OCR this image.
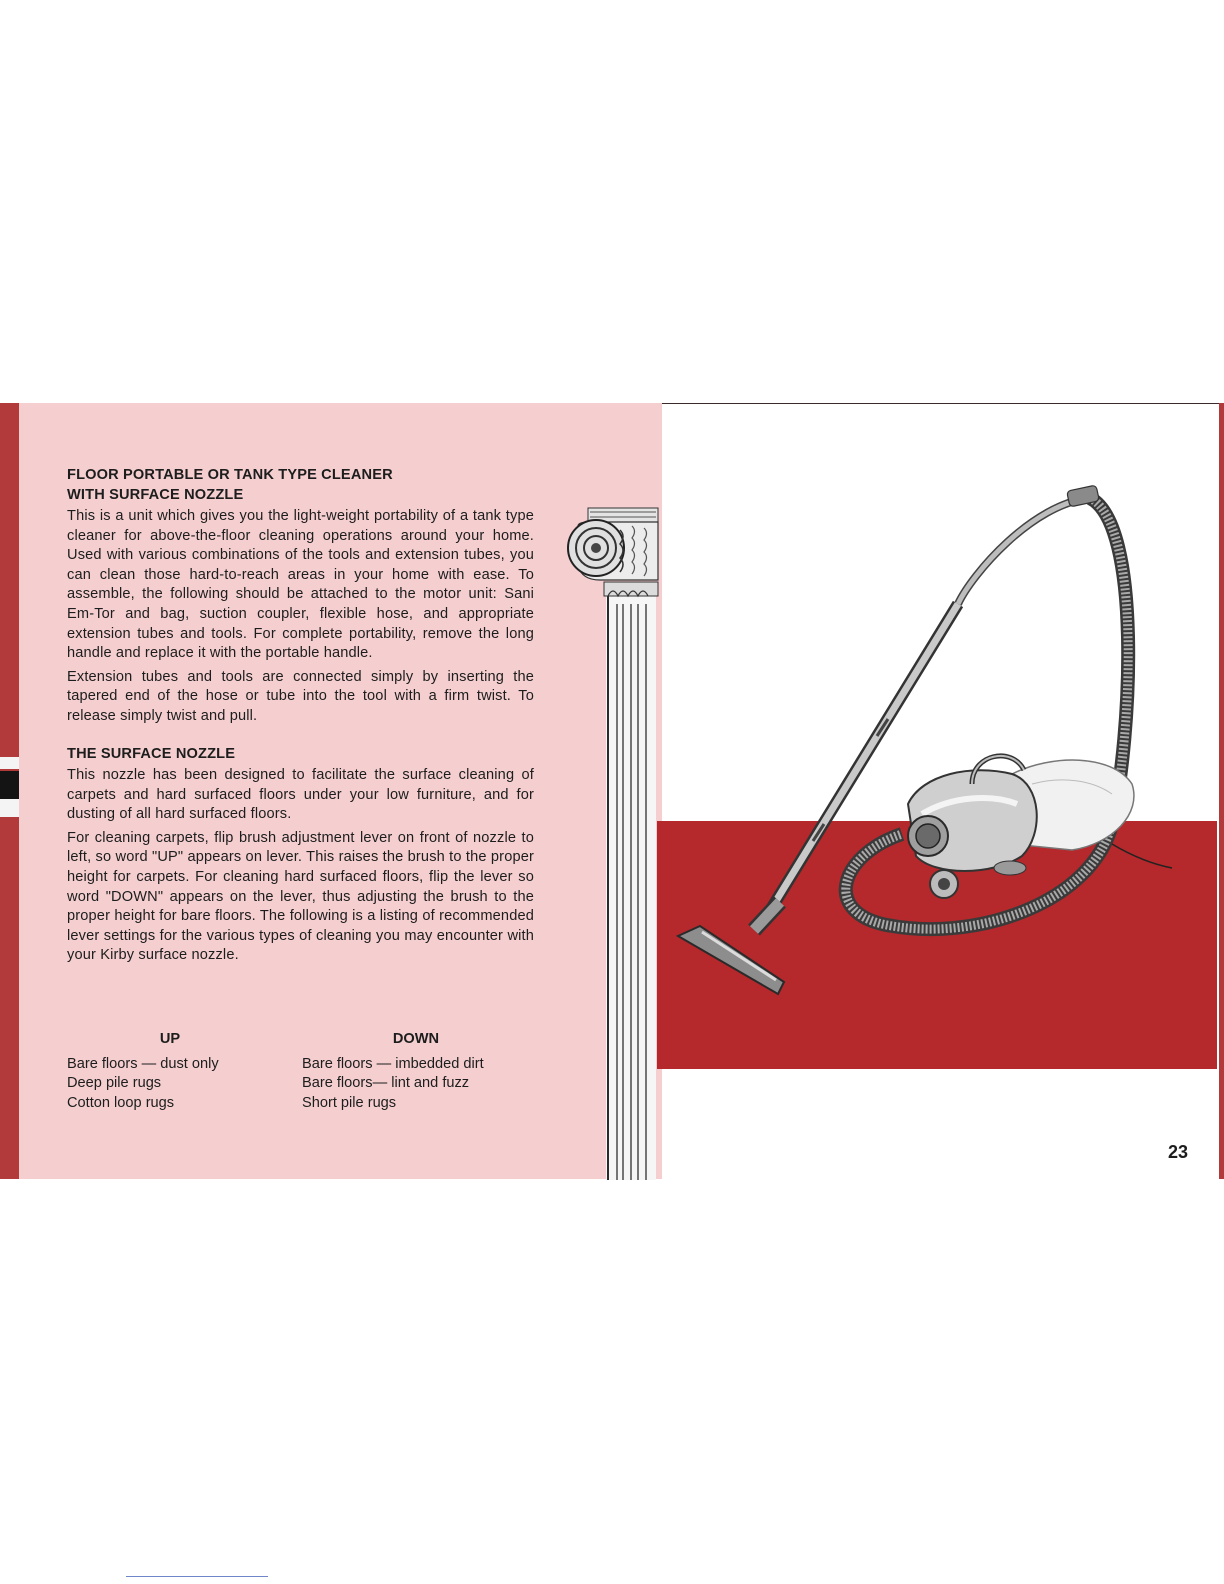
FLOOR PORTABLE OR TANK TYPE CLEANER
WITH SURFACE NOZZLE

This is a unit which gives you the light-weight portability of a tank type cleaner for above-the-floor cleaning operations around your home. Used with various combinations of the tools and extension tubes, you can clean those hard-to-reach areas in your home with ease. To assemble, the following should be attached to the motor unit: Sani Em-Tor and bag, suction coupler, flexible hose, and appropriate extension tubes and tools. For complete portability, remove the long handle and replace it with the portable handle.

Extension tubes and tools are connected simply by inserting the tapered end of the hose or tube into the tool with a firm twist. To release simply twist and pull.

THE SURFACE NOZZLE

This nozzle has been designed to facilitate the surface cleaning of carpets and hard surfaced floors under your low furniture, and for dusting of all hard surfaced floors.

For cleaning carpets, flip brush adjustment lever on front of nozzle to left, so word "UP" appears on lever. This raises the brush to the proper height for carpets. For cleaning hard surfaced floors, flip the lever so word "DOWN" appears on the lever, thus adjusting the brush to the proper height for bare floors. The following is a listing of recommended lever settings for the various types of cleaning you may encounter with your Kirby surface nozzle.

UP
Bare floors — dust only
Deep pile rugs
Cotton loop rugs
DOWN
Bare floors — imbedded dirt
Bare floors— lint and fuzz
Short pile rugs
23
